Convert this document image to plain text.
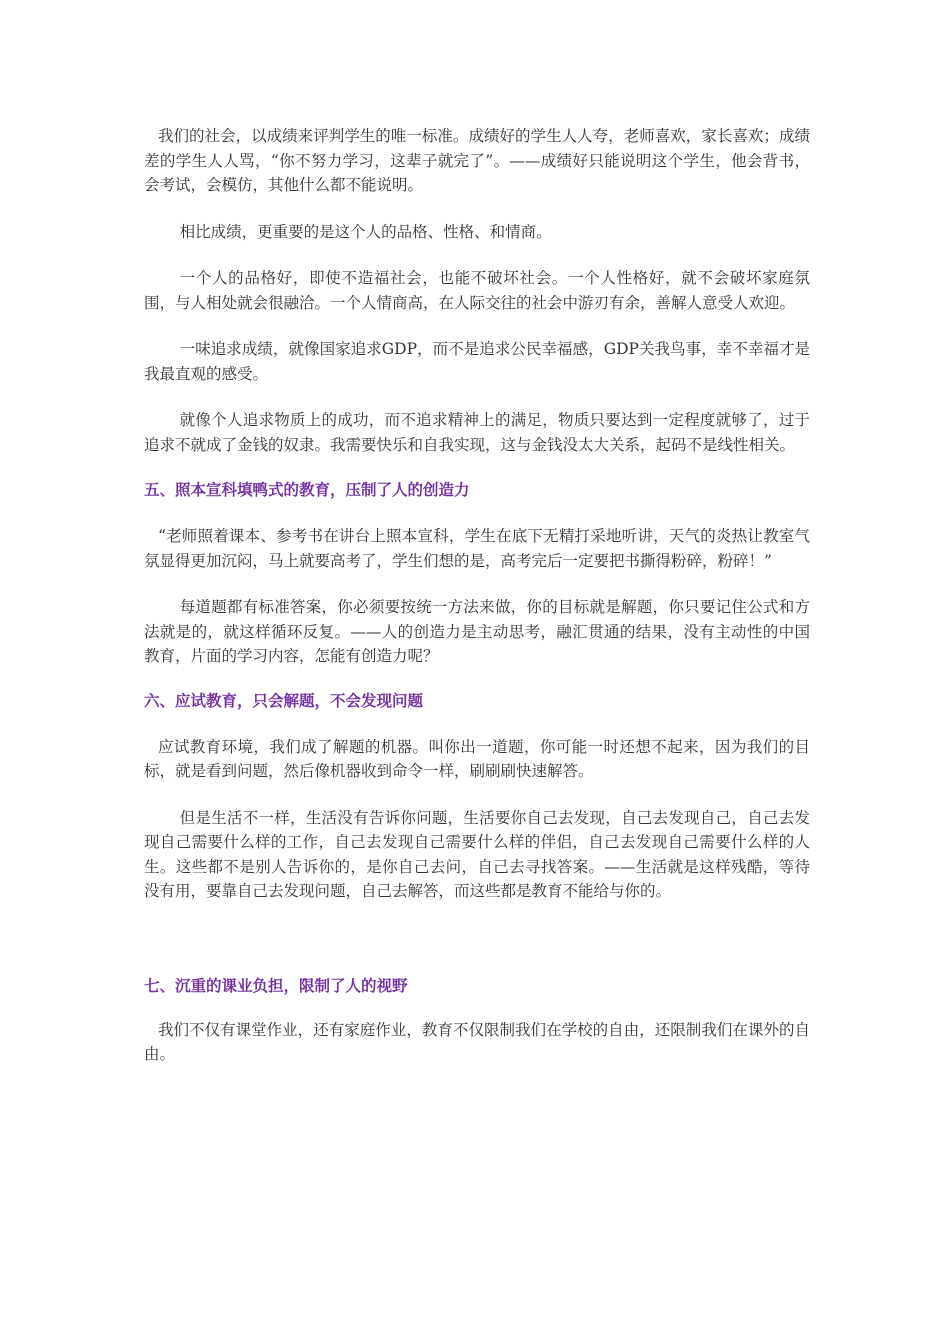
我们的社会，以成绩来评判学生的唯一标准。成绩好的学生人人夸，老师喜欢，家长喜欢；成绩差的学生人人骂，“你不努力学习，这辈子就完了”。——成绩好只能说明这个学生，他会背书，会考试，会模仿，其他什么都不能说明。

相比成绩，更重要的是这个人的品格、性格、和情商。

一个人的品格好，即使不造福社会，也能不破坏社会。一个人性格好，就不会破坏家庭氛围，与人相处就会很融洽。一个人情商高，在人际交往的社会中游刃有余，善解人意受人欢迎。

一味追求成绩，就像国家追求GDP，而不是追求公民幸福感，GDP关我鸟事，幸不幸福才是我最直观的感受。

就像个人追求物质上的成功，而不追求精神上的满足，物质只要达到一定程度就够了，过于追求不就成了金钱的奴隶。我需要快乐和自我实现，这与金钱没太大关系，起码不是线性相关。

五、照本宣科填鸭式的教育，压制了人的创造力

“老师照着课本、参考书在讲台上照本宣科，学生在底下无精打采地听讲，天气的炎热让教室气氛显得更加沉闷，马上就要高考了，学生们想的是，高考完后一定要把书撕得粉碎，粉碎！”

每道题都有标准答案，你必须要按统一方法来做，你的目标就是解题，你只要记住公式和方法就是的，就这样循环反复。——人的创造力是主动思考，融汇贯通的结果，没有主动性的中国教育，片面的学习内容，怎能有创造力呢？

六、应试教育，只会解题，不会发现问题

应试教育环境，我们成了解题的机器。叫你出一道题，你可能一时还想不起来，因为我们的目标，就是看到问题，然后像机器收到命令一样，刷刷刷快速解答。

但是生活不一样，生活没有告诉你问题，生活要你自己去发现，自己去发现自己，自己去发现自己需要什么样的工作，自己去发现自己需要什么样的伴侣，自己去发现自己需要什么样的人生。这些都不是别人告诉你的，是你自己去问，自己去寻找答案。——生活就是这样残酷，等待没有用，要靠自己去发现问题，自己去解答，而这些都是教育不能给与你的。

七、沉重的课业负担，限制了人的视野

我们不仅有课堂作业，还有家庭作业，教育不仅限制我们在学校的自由，还限制我们在课外的自由。
